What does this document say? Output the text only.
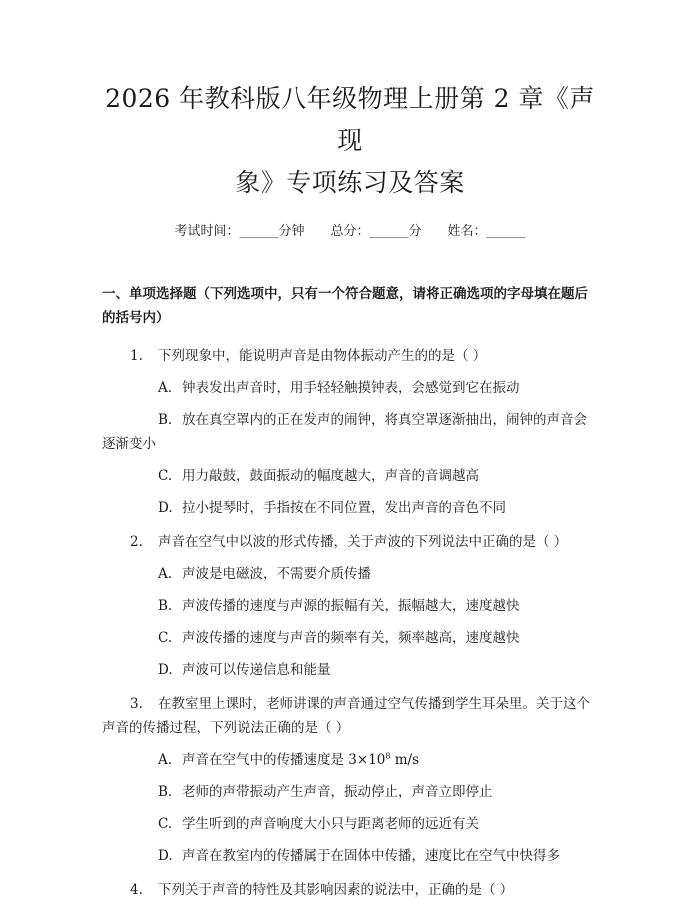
2026 年教科版八年级物理上册第 2 章《声现
象》专项练习及答案
考试时间：______分钟 总分：______分 姓名：______
一、单项选择题（下列选项中，只有一个符合题意，请将正确选项的字母填在题后的括号内）

1. 下列现象中，能说明声音是由物体振动产生的的是（ ）

A. 钟表发出声音时，用手轻轻触摸钟表，会感觉到它在振动

B. 放在真空罩内的正在发声的闹钟，将真空罩逐渐抽出，闹钟的声音会逐渐变小

C. 用力敲鼓，鼓面振动的幅度越大，声音的音调越高

D. 拉小提琴时，手指按在不同位置，发出声音的音色不同

2. 声音在空气中以波的形式传播，关于声波的下列说法中正确的是（ ）

A. 声波是电磁波，不需要介质传播

B. 声波传播的速度与声源的振幅有关，振幅越大，速度越快

C. 声波传播的速度与声音的频率有关，频率越高，速度越快

D. 声波可以传递信息和能量

3. 在教室里上课时，老师讲课的声音通过空气传播到学生耳朵里。关于这个声音的传播过程，下列说法正确的是（ ）

A. 声音在空气中的传播速度是 $3\times 10^8$ m/s

B. 老师的声带振动产生声音，振动停止，声音立即停止

C. 学生听到的声音响度大小只与距离老师的远近有关

D. 声音在教室内的传播属于在固体中传播，速度比在空气中快得多

4. 下列关于声音的特性及其影响因素的说法中，正确的是（ ）
